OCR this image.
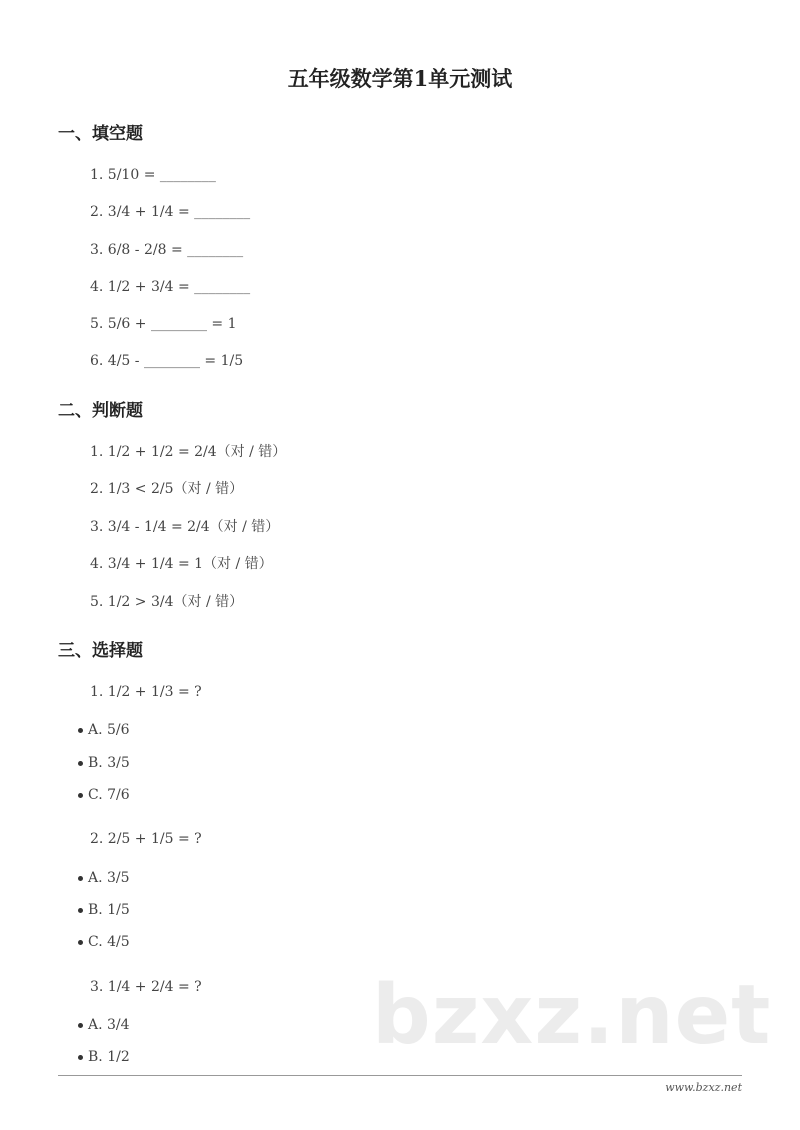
五年级数学第1单元测试
一、填空题
1. 5/10 = ________
2. 3/4 + 1/4 = ________
3. 6/8 - 2/8 = ________
4. 1/2 + 3/4 = ________
5. 5/6 + ________ = 1
6. 4/5 - ________ = 1/5
二、判断题
1. 1/2 + 1/2 = 2/4（对 / 错）
2. 1/3 < 2/5（对 / 错）
3. 3/4 - 1/4 = 2/4（对 / 错）
4. 3/4 + 1/4 = 1（对 / 错）
5. 1/2 > 3/4（对 / 错）
三、选择题
1. 1/2 + 1/3 = ?
A. 5/6
B. 3/5
C. 7/6
2. 2/5 + 1/5 = ?
A. 3/5
B. 1/5
C. 4/5
bzxz.net
3. 1/4 + 2/4 = ?
A. 3/4
B. 1/2
www.bzxz.net
